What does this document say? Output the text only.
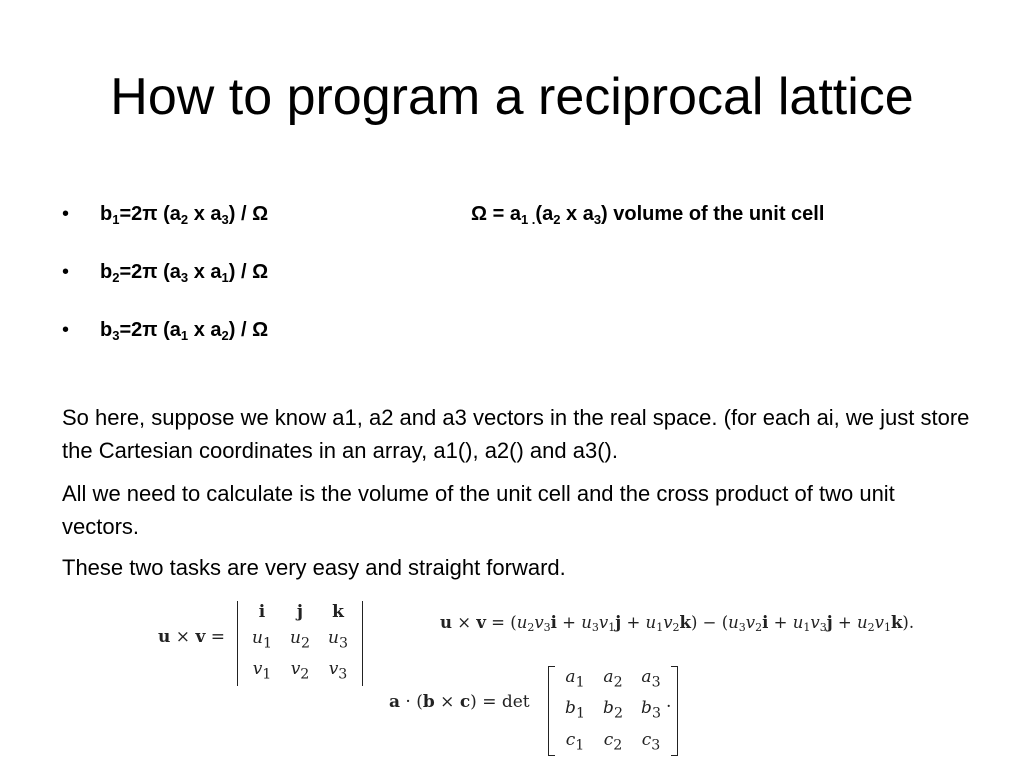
How to program a reciprocal lattice
• $b_1=2\pi$ ($a_2$ x $a_3$) / Ω	$\Omega = a_{1 .}(a_2$ x $a_3$) volume of the unit cell
• $b_2=2\pi$ ($a_3$ x $a_1$) / Ω
• $b_3=2\pi$ ($a_1$ x $a_2$) / Ω

So here, suppose we know a1, a2 and a3 vectors in the real space. (for each ai, we just store the Cartesian coordinates in an array, a1(), a2() and a3().

All we need to calculate is the volume of the unit cell and the cross product of two unit vectors.

These two tasks are very easy and straight forward.

u × v =
i	j	k
$u_1$	$u_2$	$u_3$
$v_1$	$v_2$	$v_3$
$u \times v = (u_2v_3i + u_3v_1j + u_1v_2k) - (u_3v_2i + u_1v_3j + u_2v_1k)$.
a · (b × c) = det
$a_1$	$a_2$	$a_3$
$b_1$	$b_2$	$b_3$
$c_1$	$c_2$	$c_3$
.
